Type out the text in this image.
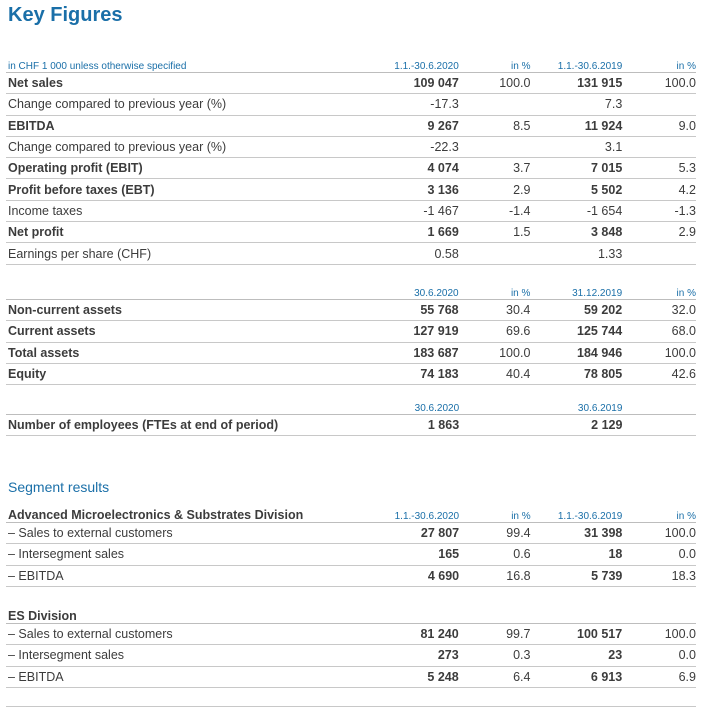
Key Figures
in CHF 1 000 unless otherwise specified	1.1.-30.6.2020	in %	1.1.-30.6.2019	in %
Net sales	109 047	100.0	131 915	100.0
Change compared to previous year (%)	-17.3		7.3	
EBITDA	9 267	8.5	11 924	9.0
Change compared to previous year (%)	-22.3		3.1	
Operating profit (EBIT)	4 074	3.7	7 015	5.3
Profit before taxes (EBT)	3 136	2.9	5 502	4.2
Income taxes	-1 467	-1.4	-1 654	-1.3
Net profit	1 669	1.5	3 848	2.9
Earnings per share (CHF)	0.58		1.33	
	30.6.2020	in %	31.12.2019	in %
Non-current assets	55 768	30.4	59 202	32.0
Current assets	127 919	69.6	125 744	68.0
Total assets	183 687	100.0	184 946	100.0
Equity	74 183	40.4	78 805	42.6
	30.6.2020		30.6.2019	
Number of employees (FTEs at end of period)	1 863		2 129	
Segment results
Advanced Microelectronics & Substrates Division	1.1.-30.6.2020	in %	1.1.-30.6.2019	in %
– Sales to external customers	27 807	99.4	31 398	100.0
– Intersegment sales	165	0.6	18	0.0
– EBITDA	4 690	16.8	5 739	18.3
ES Division				
– Sales to external customers	81 240	99.7	100 517	100.0
– Intersegment sales	273	0.3	23	0.0
– EBITDA	5 248	6.4	6 913	6.9
